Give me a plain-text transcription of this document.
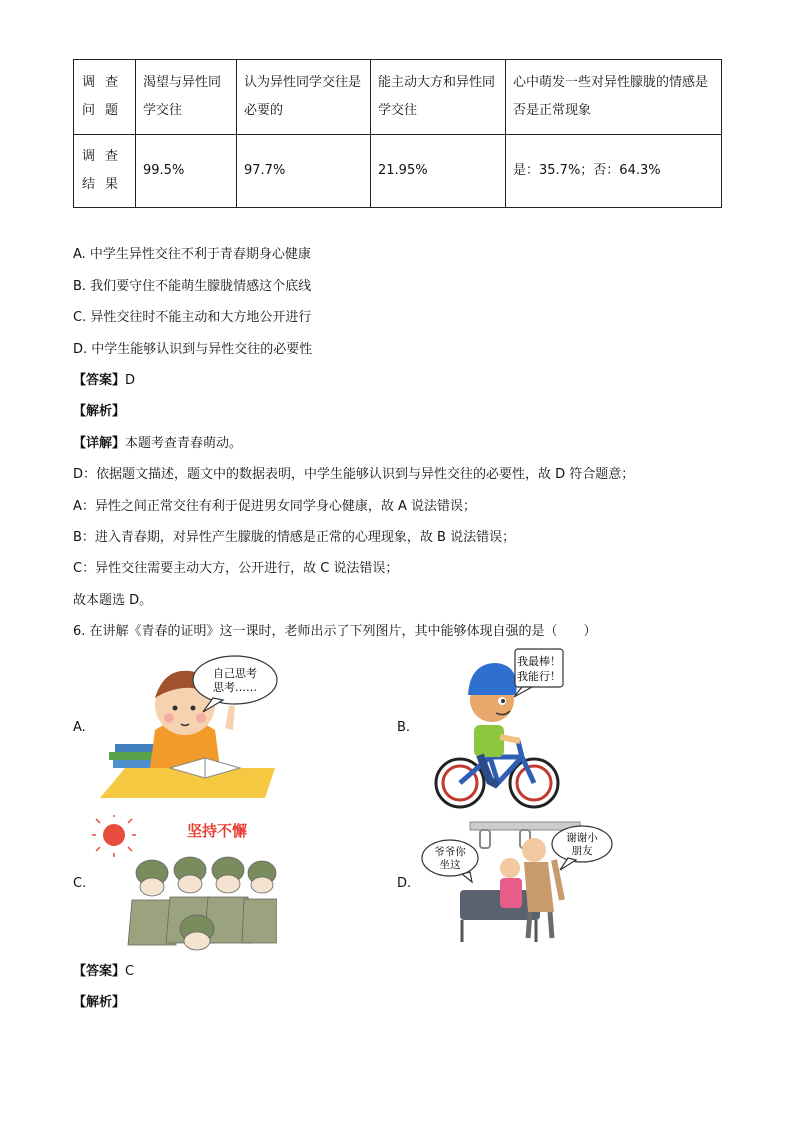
调查问题	渴望与异性同学交往	认为异性同学交往是必要的	能主动大方和异性同学交往	心中萌发一些对异性朦胧的情感是否是正常现象
调查结果	99.5%	97.7%	21.95%	是：35.7%；否：64.3%
A. 中学生异性交往不利于青春期身心健康
B. 我们要守住不能萌生朦胧情感这个底线
C. 异性交往时不能主动和大方地公开进行
D. 中学生能够认识到与异性交往的必要性
【答案】D
【解析】
【详解】本题考查青春萌动。
D：依据题文描述，题文中的数据表明，中学生能够认识到与异性交往的必要性，故 D 符合题意；
A：异性之间正常交往有利于促进男女同学身心健康，故 A 说法错误；
B：进入青春期，对异性产生朦胧的情感是正常的心理现象，故 B 说法错误；
C：异性交往需要主动大方，公开进行，故 C 说法错误；
故本题选 D。
6. 在讲解《青春的证明》这一课时，老师出示了下列图片，其中能够体现自强的是（　　）
A.	B.
C.	D.
自己思考
思考……
我最棒！
我能行！
坚持不懈
爷爷你
坐这
谢谢小
朋友
【答案】C
【解析】
